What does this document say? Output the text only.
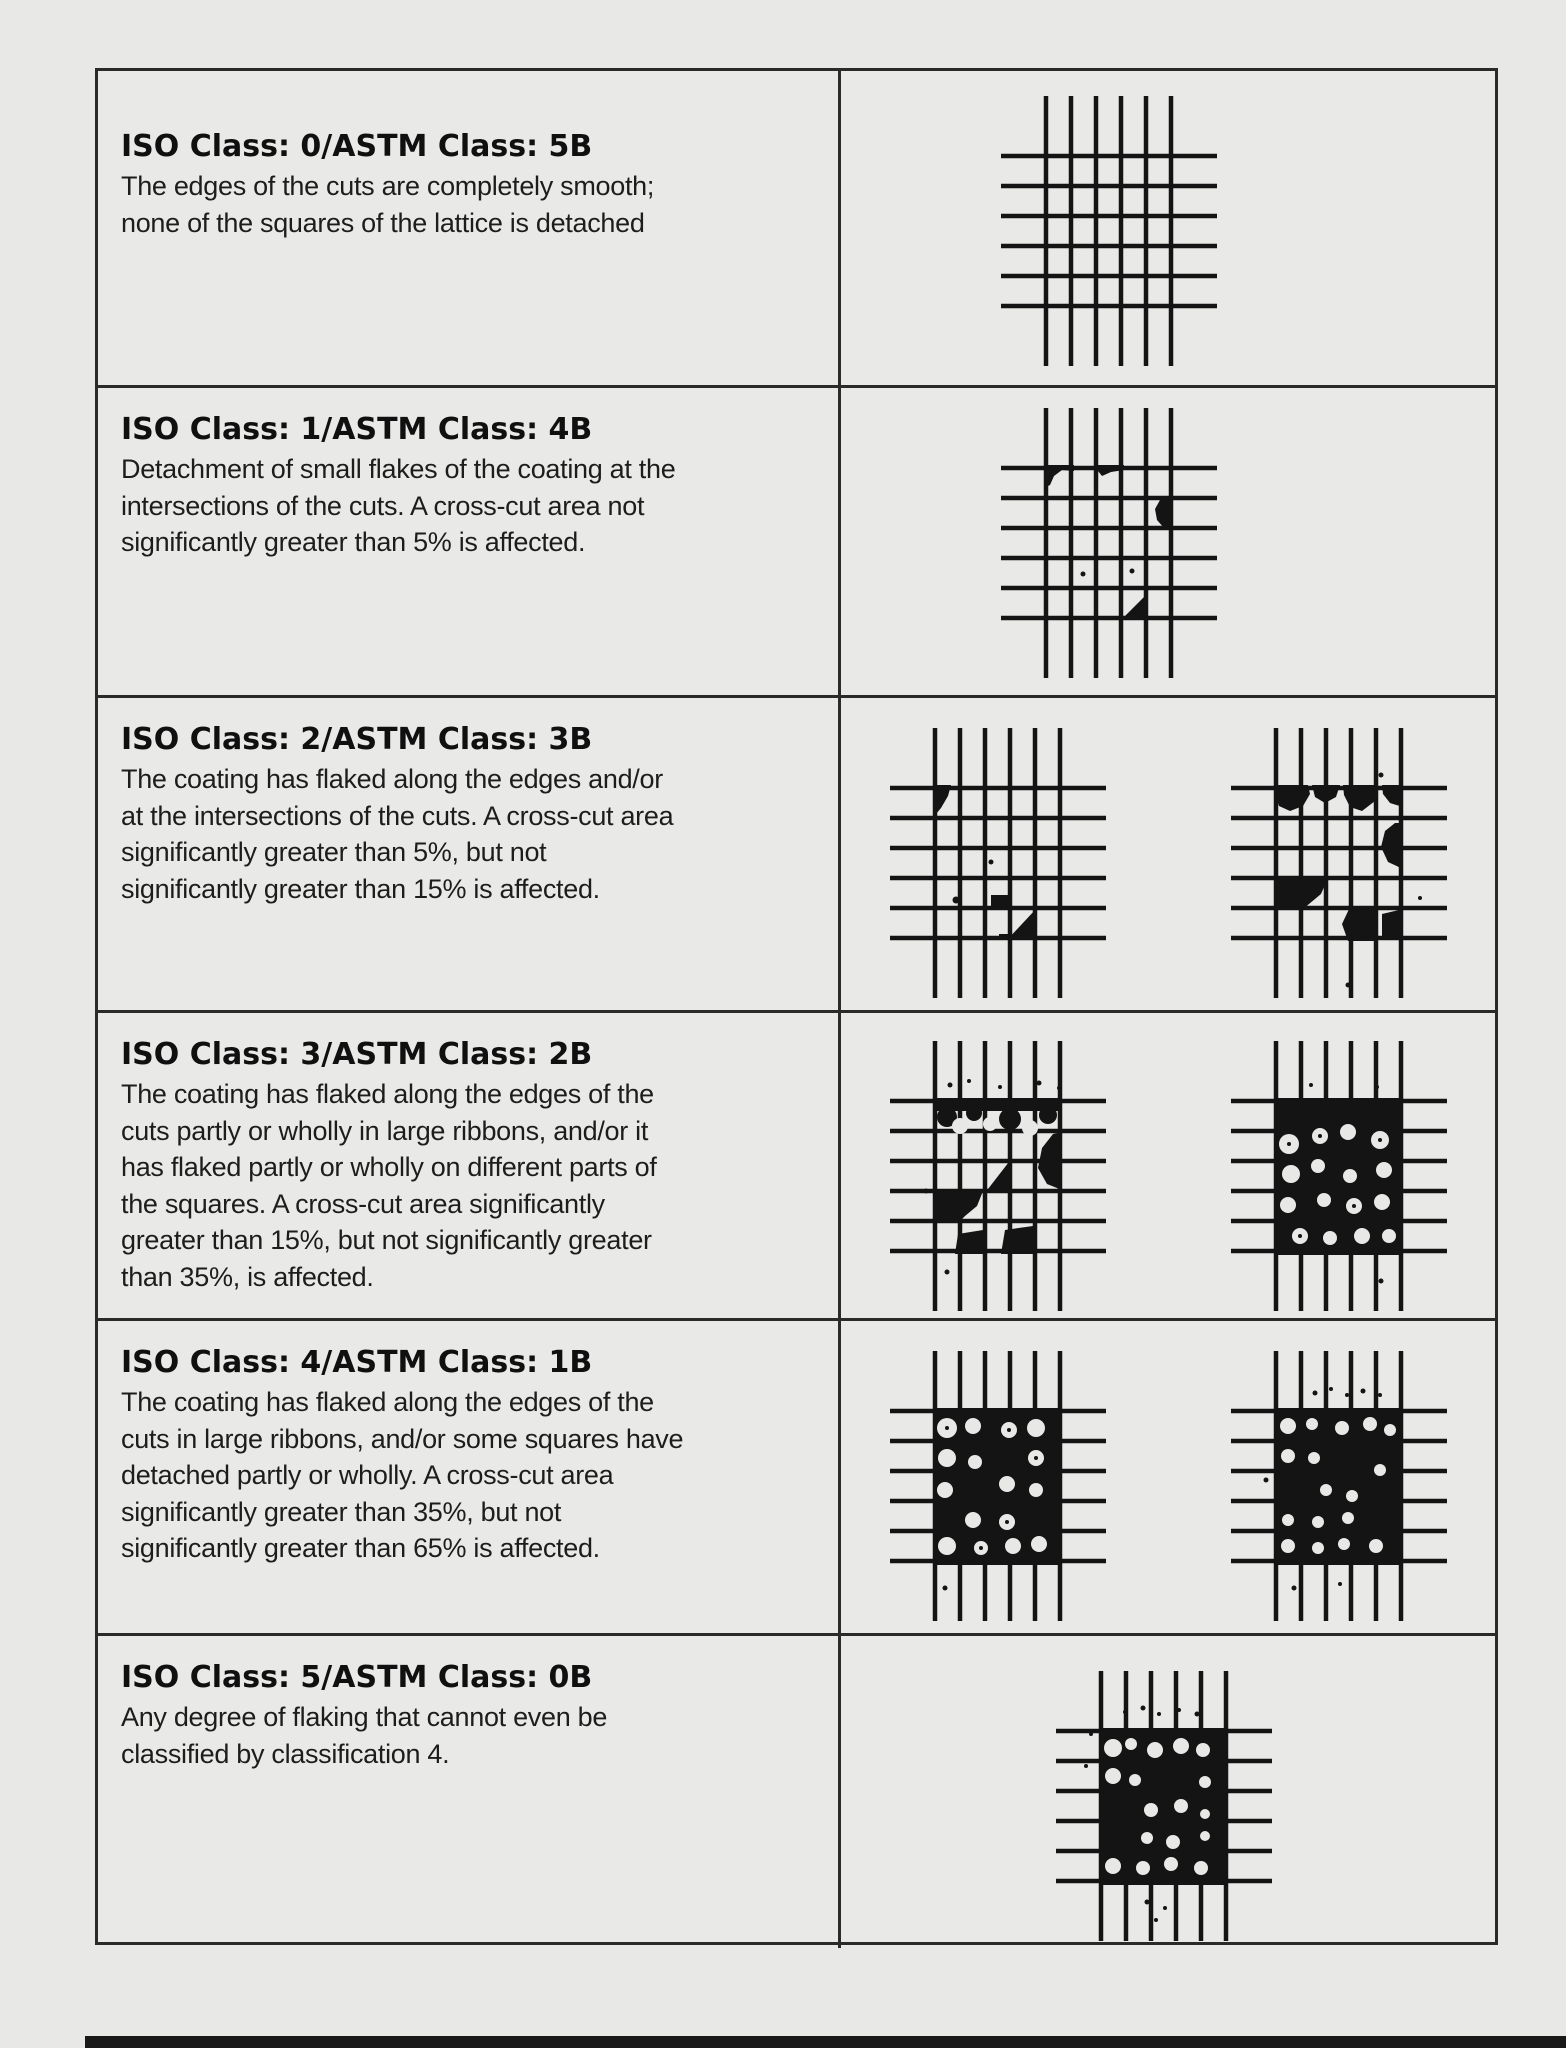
ISO Class: 0/ASTM Class: 5B
The edges of the cuts are completely smooth; none of the squares of the lattice is detached
ISO Class: 1/ASTM Class: 4B
Detachment of small flakes of the coating at the intersections of the cuts. A cross-cut area not significantly greater than 5% is affected.
ISO Class: 2/ASTM Class: 3B
The coating has flaked along the edges and/or at the intersections of the cuts. A cross-cut area significantly greater than 5%, but not significantly greater than 15% is affected.
ISO Class: 3/ASTM Class: 2B
The coating has flaked along the edges of the cuts partly or wholly in large ribbons, and/or it has flaked partly or wholly on different parts of the squares. A cross-cut area significantly greater than 15%, but not significantly greater than 35%, is affected.
ISO Class: 4/ASTM Class: 1B
The coating has flaked along the edges of the cuts in large ribbons, and/or some squares have detached partly or wholly. A cross-cut area significantly greater than 35%, but not significantly greater than 65% is affected.
ISO Class: 5/ASTM Class: 0B
Any degree of flaking that cannot even be classified by classification 4.
